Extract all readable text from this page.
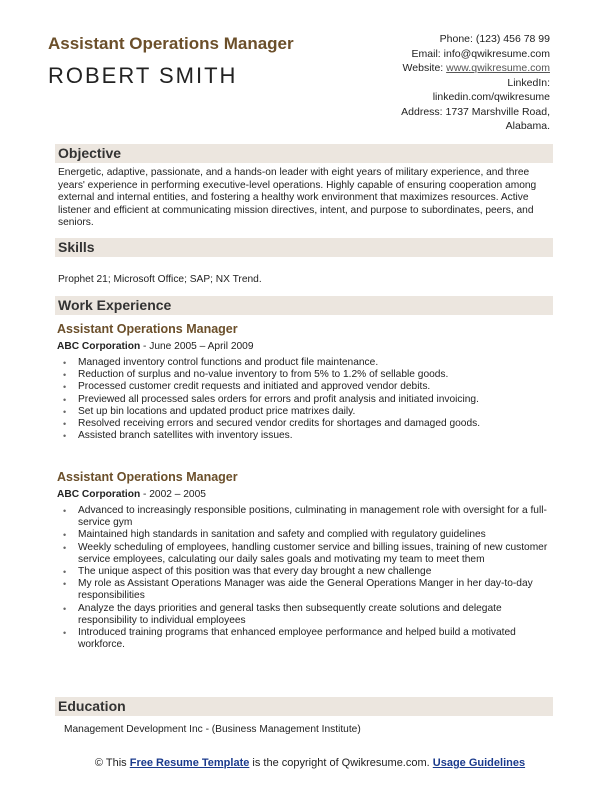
Assistant Operations Manager
ROBERT SMITH
Phone: (123) 456 78 99
Email: info@qwikresume.com
Website: www.qwikresume.com
LinkedIn:
linkedin.com/qwikresume
Address: 1737 Marshville Road,
Alabama.
Objective
Energetic, adaptive, passionate, and a hands-on leader with eight years of military experience, and three years' experience in performing executive-level operations. Highly capable of ensuring cooperation among external and internal entities, and fostering a healthy work environment that maximizes resources. Active listener and efficient at communicating mission directives, intent, and purpose to subordinates, peers, and seniors.
Skills
Prophet 21; Microsoft Office; SAP; NX Trend.
Work Experience
Assistant Operations Manager
ABC Corporation - June 2005 – April 2009
• Managed inventory control functions and product file maintenance.
• Reduction of surplus and no-value inventory to from 5% to 1.2% of sellable goods.
• Processed customer credit requests and initiated and approved vendor debits.
• Previewed all processed sales orders for errors and profit analysis and initiated invoicing.
• Set up bin locations and updated product price matrixes daily.
• Resolved receiving errors and secured vendor credits for shortages and damaged goods.
• Assisted branch satellites with inventory issues.
Assistant Operations Manager
ABC Corporation - 2002 – 2005
• Advanced to increasingly responsible positions, culminating in management role with oversight for a full-service gym
• Maintained high standards in sanitation and safety and complied with regulatory guidelines
• Weekly scheduling of employees, handling customer service and billing issues, training of new customer service employees, calculating our daily sales goals and motivating my team to meet them
• The unique aspect of this position was that every day brought a new challenge
• My role as Assistant Operations Manager was aide the General Operations Manger in her day-to-day responsibilities
• Analyze the days priorities and general tasks then subsequently create solutions and delegate responsibility to individual employees
• Introduced training programs that enhanced employee performance and helped build a motivated workforce.
Education
Management Development Inc - (Business Management Institute)
© This Free Resume Template is the copyright of Qwikresume.com. Usage Guidelines
